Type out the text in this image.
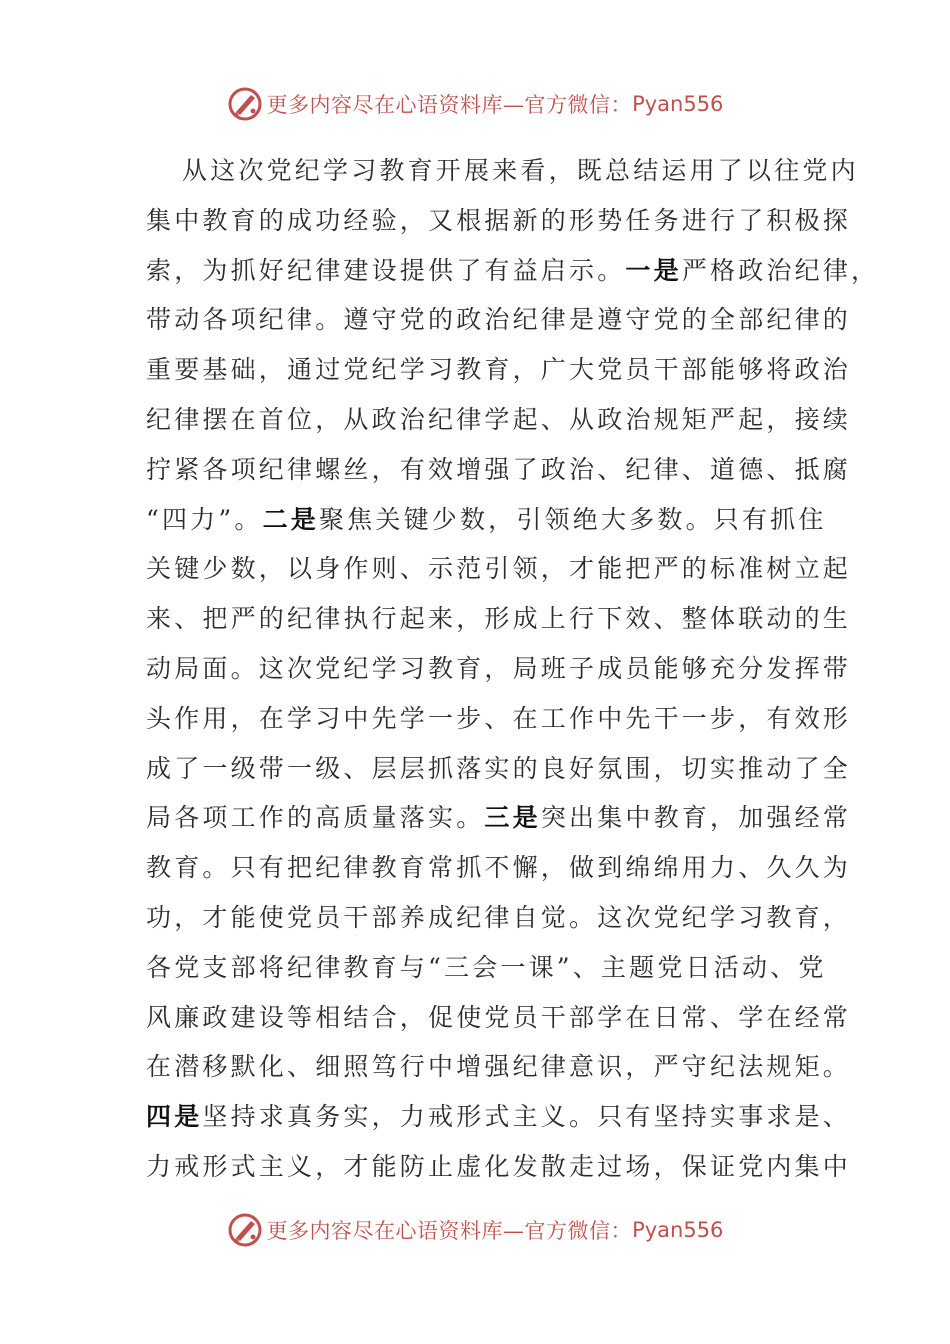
更多内容尽在心语资料库—官方微信： Pyan556
从这次党纪学习教育开展来看，既总结运用了以往党内
集中教育的成功经验，又根据新的形势任务进行了积极探
索，为抓好纪律建设提供了有益启示。一是严格政治纪律，
带动各项纪律。遵守党的政治纪律是遵守党的全部纪律的
重要基础，通过党纪学习教育，广大党员干部能够将政治
纪律摆在首位，从政治纪律学起、从政治规矩严起，接续
拧紧各项纪律螺丝，有效增强了政治、纪律、道德、抵腐
“四力”。二是聚焦关键少数，引领绝大多数。只有抓住
关键少数，以身作则、示范引领，才能把严的标准树立起
来、把严的纪律执行起来，形成上行下效、整体联动的生
动局面。这次党纪学习教育，局班子成员能够充分发挥带
头作用，在学习中先学一步、在工作中先干一步，有效形
成了一级带一级、层层抓落实的良好氛围，切实推动了全
局各项工作的高质量落实。三是突出集中教育，加强经常
教育。只有把纪律教育常抓不懈，做到绵绵用力、久久为
功，才能使党员干部养成纪律自觉。这次党纪学习教育，
各党支部将纪律教育与“三会一课”、主题党日活动、党
风廉政建设等相结合，促使党员干部学在日常、学在经常
在潜移默化、细照笃行中增强纪律意识，严守纪法规矩。
四是坚持求真务实，力戒形式主义。只有坚持实事求是、
力戒形式主义，才能防止虚化发散走过场，保证党内集中
更多内容尽在心语资料库—官方微信： Pyan556
